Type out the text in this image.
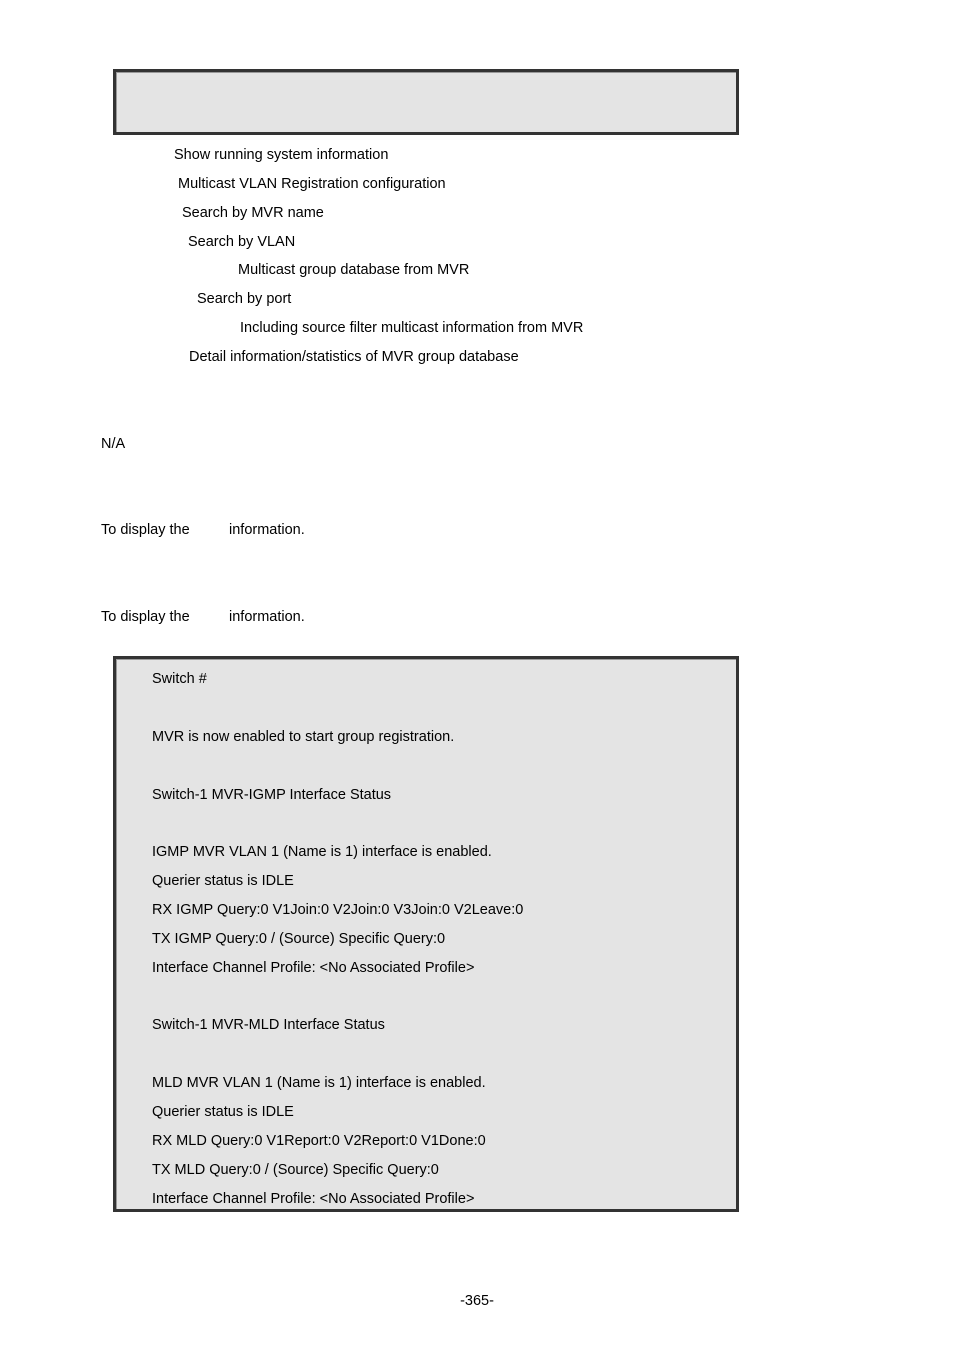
Show running system information
Multicast VLAN Registration configuration
Search by MVR name
Search by VLAN
Multicast group database from MVR
Search by port
Including source filter multicast information from MVR
Detail information/statistics of MVR group database
N/A
To display the	information.
To display the	information.
Switch #
MVR is now enabled to start group registration.
Switch-1 MVR-IGMP Interface Status
IGMP MVR VLAN 1 (Name is 1) interface is enabled.
Querier status is IDLE
RX IGMP Query:0 V1Join:0 V2Join:0 V3Join:0 V2Leave:0
TX IGMP Query:0 / (Source) Specific Query:0
Interface Channel Profile: <No Associated Profile>
Switch-1 MVR-MLD Interface Status
MLD MVR VLAN 1 (Name is 1) interface is enabled.
Querier status is IDLE
RX MLD Query:0 V1Report:0 V2Report:0 V1Done:0
TX MLD Query:0 / (Source) Specific Query:0
Interface Channel Profile: <No Associated Profile>
-365-
